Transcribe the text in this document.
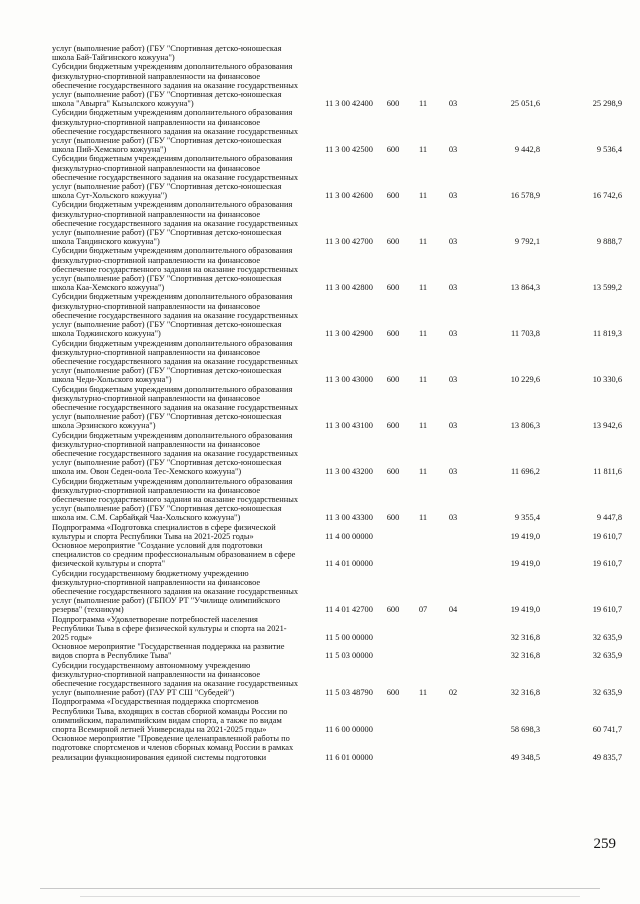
услуг (выполнение работ) (ГБУ "Спортивная детско-юношеская
школа Бай-Тайгинского кожууна")						
Субсидии бюджетным учреждениям дополнительного образования
физкультурно-спортивной направленности на финансовое
обеспечение государственного задания на оказание государственных
услуг (выполнение работ) (ГБУ "Спортивная детско-юношеская
школа "Авырга" Кызылского кожууна")	11 3 00 42400	600	11	03	25 051,6	25 298,9
Субсидии бюджетным учреждениям дополнительного образования
физкультурно-спортивной направленности на финансовое
обеспечение государственного задания на оказание государственных
услуг (выполнение работ) (ГБУ "Спортивная детско-юношеская
школа Пий-Хемского кожууна")	11 3 00 42500	600	11	03	9 442,8	9 536,4
Субсидии бюджетным учреждениям дополнительного образования
физкультурно-спортивной направленности на финансовое
обеспечение государственного задания на оказание государственных
услуг (выполнение работ) (ГБУ "Спортивная детско-юношеская
школа Сут-Хольского кожууна")	11 3 00 42600	600	11	03	16 578,9	16 742,6
Субсидии бюджетным учреждениям дополнительного образования
физкультурно-спортивной направленности на финансовое
обеспечение государственного задания на оказание государственных
услуг (выполнение работ) (ГБУ "Спортивная детско-юношеская
школа Тандинского кожууна")	11 3 00 42700	600	11	03	9 792,1	9 888,7
Субсидии бюджетным учреждениям дополнительного образования
физкультурно-спортивной направленности на финансовое
обеспечение государственного задания на оказание государственных
услуг (выполнение работ) (ГБУ "Спортивная детско-юношеская
школа Каа-Хемского кожууна")	11 3 00 42800	600	11	03	13 864,3	13 599,2
Субсидии бюджетным учреждениям дополнительного образования
физкультурно-спортивной направленности на финансовое
обеспечение государственного задания на оказание государственных
услуг (выполнение работ) (ГБУ "Спортивная детско-юношеская
школа Тоджинского кожууна")	11 3 00 42900	600	11	03	11 703,8	11 819,3
Субсидии бюджетным учреждениям дополнительного образования
физкультурно-спортивной направленности на финансовое
обеспечение государственного задания на оказание государственных
услуг (выполнение работ) (ГБУ "Спортивная детско-юношеская
школа Чеди-Хольского кожууна")	11 3 00 43000	600	11	03	10 229,6	10 330,6
Субсидии бюджетным учреждениям дополнительного образования
физкультурно-спортивной направленности на финансовое
обеспечение государственного задания на оказание государственных
услуг (выполнение работ) (ГБУ "Спортивная детско-юношеская
школа Эрзинского кожууна")	11 3 00 43100	600	11	03	13 806,3	13 942,6
Субсидии бюджетным учреждениям дополнительного образования
физкультурно-спортивной направленности на финансовое
обеспечение государственного задания на оказание государственных
услуг (выполнение работ) (ГБУ "Спортивная детско-юношеская
школа им. Овон Седен-оола Тес-Хемского кожууна")	11 3 00 43200	600	11	03	11 696,2	11 811,6
Субсидии бюджетным учреждениям дополнительного образования
физкультурно-спортивной направленности на финансовое
обеспечение государственного задания на оказание государственных
услуг (выполнение работ) (ГБУ "Спортивная детско-юношеская
школа им. С.М. Сарбайқай Чаа-Хольского кожууна")	11 3 00 43300	600	11	03	9 355,4	9 447,8
Подпрограмма «Подготовка специалистов в сфере физической
культуры и спорта Республики Тыва на 2021-2025 годы»	11 4 00 00000				19 419,0	19 610,7
Основное мероприятие "Создание условий для подготовки
специалистов со средним профессиональным образованием в сфере
физической культуры и спорта"	11 4 01 00000				19 419,0	19 610,7
Субсидии государственному бюджетному учреждению
физкультурно-спортивной направленности на финансовое
обеспечение государственного задания на оказание государственных
услуг (выполнение работ) (ГБПОУ РТ "Училище олимпийского
резерва" (техникум)	11 4 01 42700	600	07	04	19 419,0	19 610,7
Подпрограмма «Удовлетворение потребностей населения
Республики Тыва в сфере физической культуры и спорта на 2021-
2025 годы»	11 5 00 00000				32 316,8	32 635,9
Основное мероприятие "Государственная поддержка на развитие
видов спорта в Республике Тыва"	11 5 03 00000				32 316,8	32 635,9
Субсидии государственному автономному учреждению
физкультурно-спортивной направленности на финансовое
обеспечение государственного задания на оказание государственных
услуг (выполнение работ) (ГАУ РТ СШ "Субедей")	11 5 03 48790	600	11	02	32 316,8	32 635,9
Подпрограмма «Государственная поддержка спортсменов
Республики Тыва, входящих в состав сборной команды России по
олимпийским, паралимпийским видам спорта, а также по видам
спорта Всемирной летней Универсиады на 2021-2025 годы»	11 6 00 00000				58 698,3	60 741,7
Основное мероприятие "Проведение целенаправленной работы по
подготовке спортсменов и членов сборных команд России в рамках
реализации функционирования единой системы подготовки	11 6 01 00000				49 348,5	49 835,7
259
